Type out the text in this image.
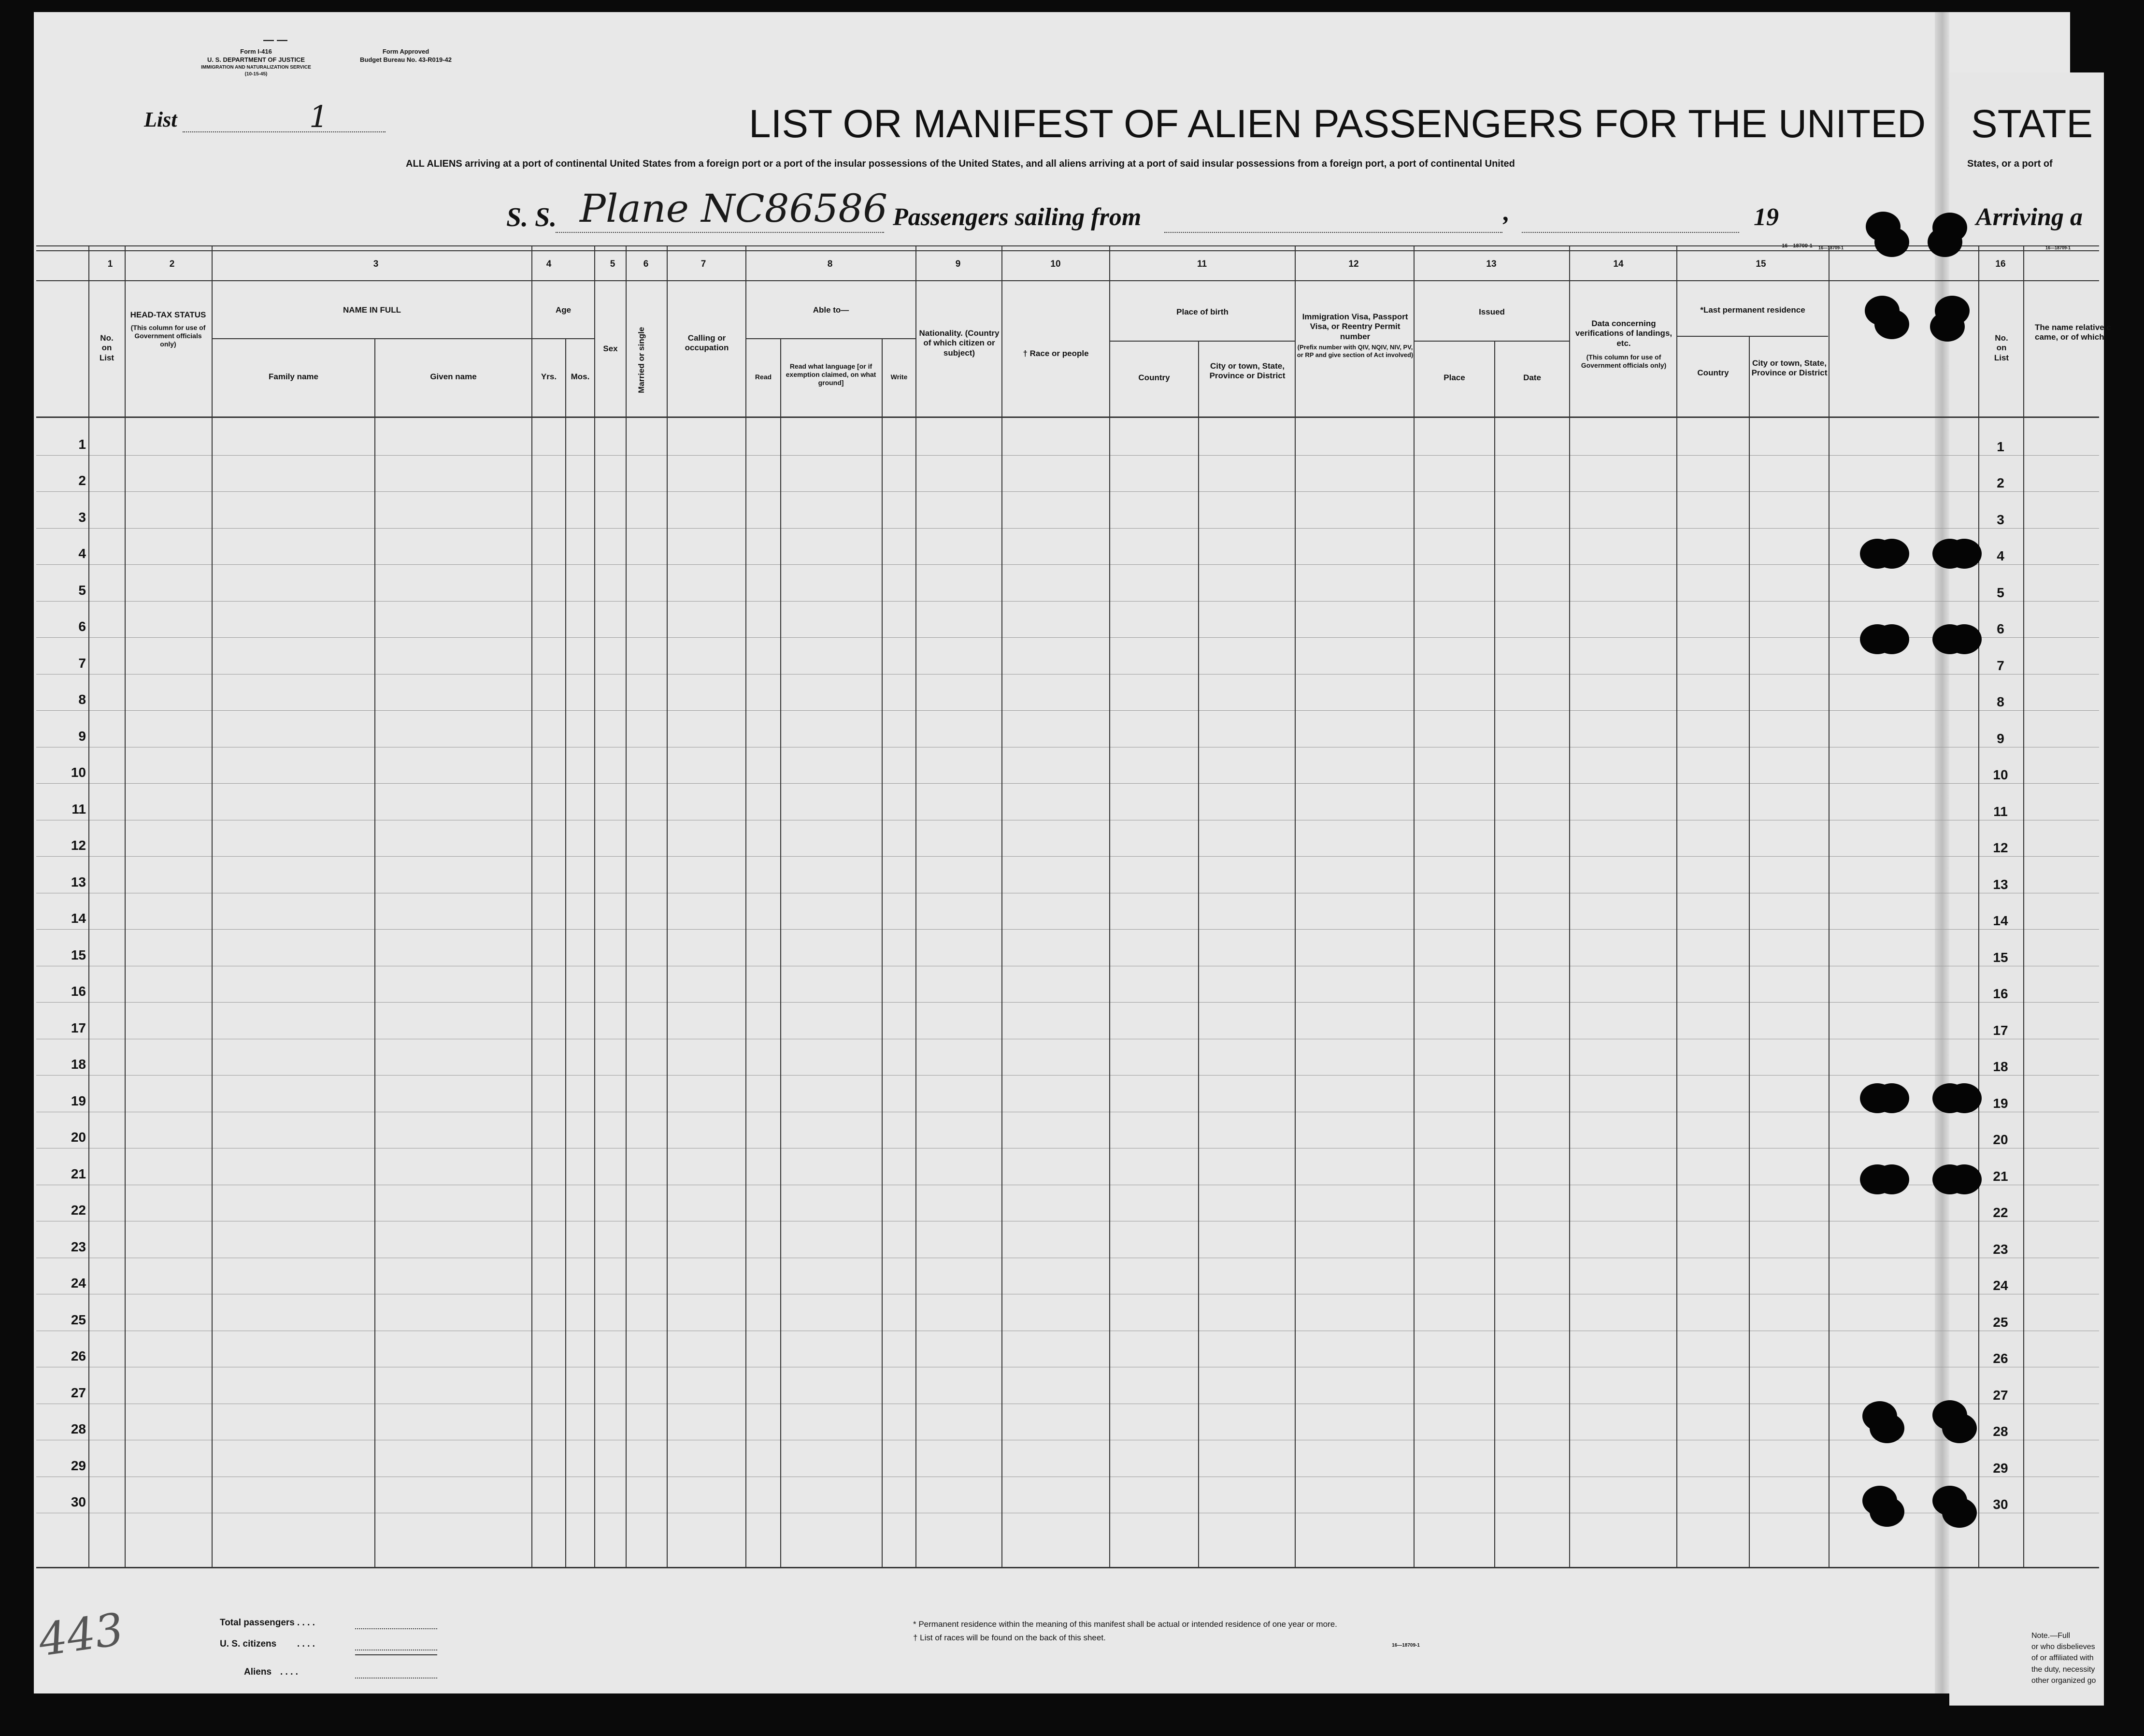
— —
Form I-416
U. S. DEPARTMENT OF JUSTICE
IMMIGRATION AND NATURALIZATION SERVICE
(10-15-45)
Form Approved
Budget Bureau No. 43-R019-42
List	1	LIST OR MANIFEST OF ALIEN PASSENGERS FOR THE UNITED STATE
ALL ALIENS arriving at a port of continental United States from a foreign port or a port of the insular possessions of the United States, and all aliens arriving at a port of said insular possessions from a foreign port, a port of continental United	States, or a port of
S. S. Plane NC86586 Passengers sailing from	,	19	Arriving a
1	2	3	4	5	6	7	8	9	10	11	12	13	14	15	16
16—18709-1	16—18709-1
No.
on
List
HEAD-TAX STATUS
(This column for use of Government officials only)
NAME IN FULL
Family name	Given name
Age
Yrs.	Mos.
Sex	Married or single	Calling or occupation
Able to—
Read
Read what language [or if exemption claimed, on what ground]
Write
Nationality. (Country of which citizen or subject)	† Race or people
Place of birth
Country
City or town, State, Province or District
Immigration Visa, Passport Visa, or Reentry Permit number
(Prefix number with QIV, NQIV, NIV, PV, or RP and give section of Act involved)
Issued
Place	Date
Data concerning verifications of landings, etc.
(This column for use of Government officials only)
*Last permanent residence
Country
City or town, State, Province or District
No.
on
List
The name relative c came, or of which
1	1
2	2
3	3
4	4
5	5
6	6
7	7
8	8
9	9
10	10
11	11
12	12
13	13
14	14
15	15
16	16
17	17
18	18
19	19
20	20
21	21
22	22
23	23
24	24
25	25
26	26
27	27
28	28
29	29
30	30
443	Total passengers . . . .
U. S. citizens . . . .
Aliens . . . .
* Permanent residence within the meaning of this manifest shall be actual or intended residence of one year or more.
† List of races will be found on the back of this sheet.
16—18709-1
Note.—Full
or who disbelieves
of or affiliated with
the duty, necessity
other organized go
